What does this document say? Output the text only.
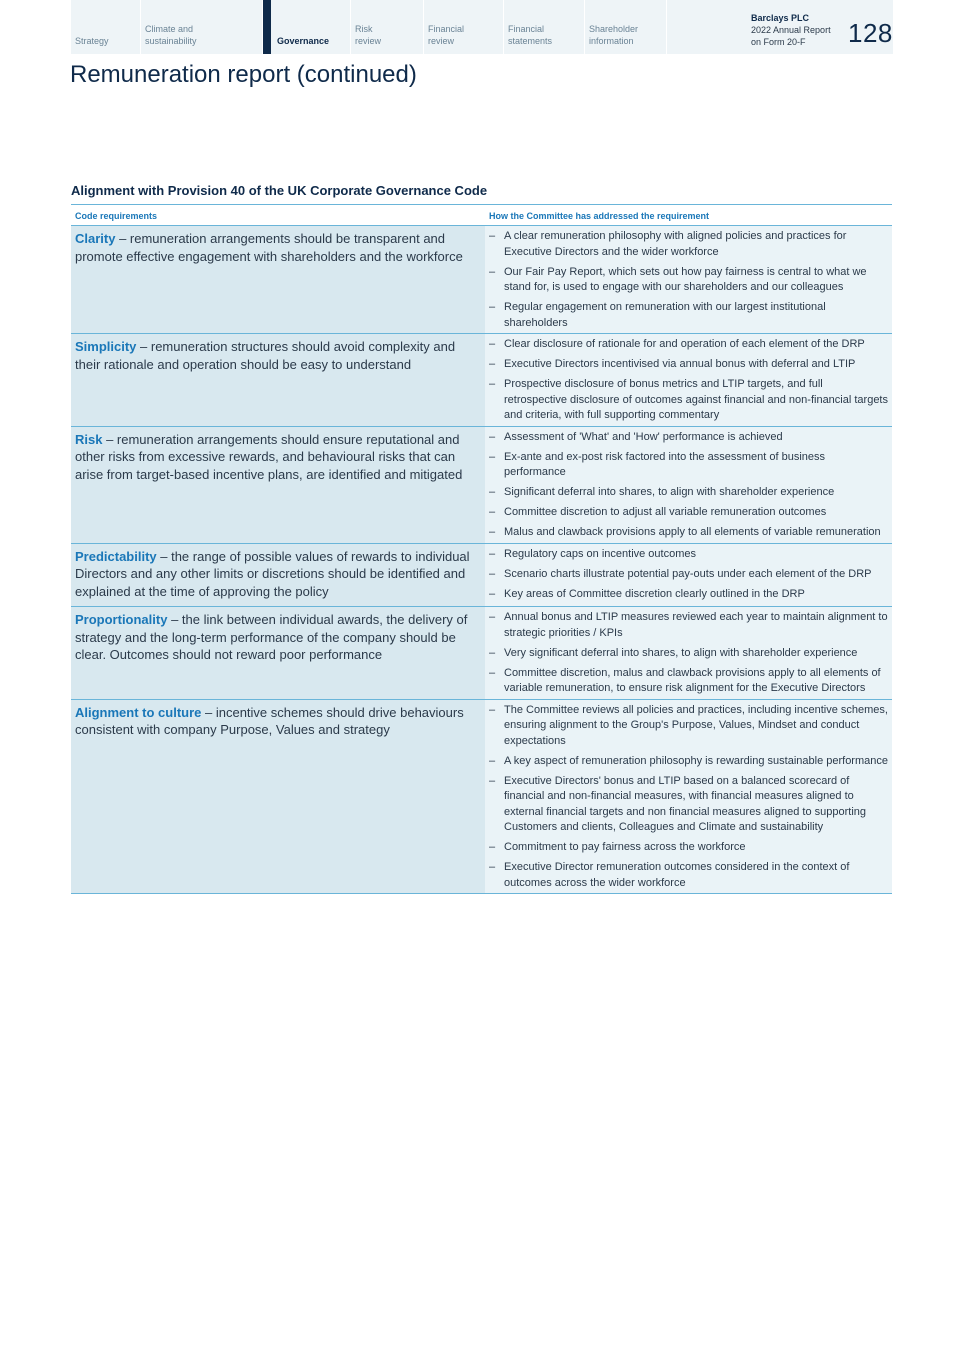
Strategy
Climate and sustainability	Governance
Risk review
Financial review
Financial statements
Shareholder information
Barclays PLC
2022 Annual Report
on Form 20-F	128
Remuneration report (continued)
Alignment with Provision 40 of the UK Corporate Governance Code
Code requirements	How the Committee has addressed the requirement
Clarity – remuneration arrangements should be transparent and promote effective engagement with shareholders and the workforce
– A clear remuneration philosophy with aligned policies and practices for Executive Directors and the wider workforce
– Our Fair Pay Report, which sets out how pay fairness is central to what we stand for, is used to engage with our shareholders and our colleagues
– Regular engagement on remuneration with our largest institutional shareholders
Simplicity – remuneration structures should avoid complexity and their rationale and operation should be easy to understand
– Clear disclosure of rationale for and operation of each element of the DRP
– Executive Directors incentivised via annual bonus with deferral and LTIP
– Prospective disclosure of bonus metrics and LTIP targets, and full retrospective disclosure of outcomes against financial and non-financial targets and criteria, with full supporting commentary
Risk – remuneration arrangements should ensure reputational and other risks from excessive rewards, and behavioural risks that can arise from target-based incentive plans, are identified and mitigated
– Assessment of 'What' and 'How' performance is achieved
– Ex-ante and ex-post risk factored into the assessment of business performance
– Significant deferral into shares, to align with shareholder experience
– Committee discretion to adjust all variable remuneration outcomes
– Malus and clawback provisions apply to all elements of variable remuneration
Predictability – the range of possible values of rewards to individual Directors and any other limits or discretions should be identified and explained at the time of approving the policy
– Regulatory caps on incentive outcomes
– Scenario charts illustrate potential pay-outs under each element of the DRP
– Key areas of Committee discretion clearly outlined in the DRP
Proportionality – the link between individual awards, the delivery of strategy and the long-term performance of the company should be clear. Outcomes should not reward poor performance
– Annual bonus and LTIP measures reviewed each year to maintain alignment to strategic priorities / KPIs
– Very significant deferral into shares, to align with shareholder experience
– Committee discretion, malus and clawback provisions apply to all elements of variable remuneration, to ensure risk alignment for the Executive Directors
Alignment to culture – incentive schemes should drive behaviours consistent with company Purpose, Values and strategy
– The Committee reviews all policies and practices, including incentive schemes, ensuring alignment to the Group's Purpose, Values, Mindset and conduct expectations
– A key aspect of remuneration philosophy is rewarding sustainable performance
– Executive Directors' bonus and LTIP based on a balanced scorecard of financial and non-financial measures, with financial measures aligned to external financial targets and non financial measures aligned to supporting Customers and clients, Colleagues and Climate and sustainability
– Commitment to pay fairness across the workforce
– Executive Director remuneration outcomes considered in the context of outcomes across the wider workforce
